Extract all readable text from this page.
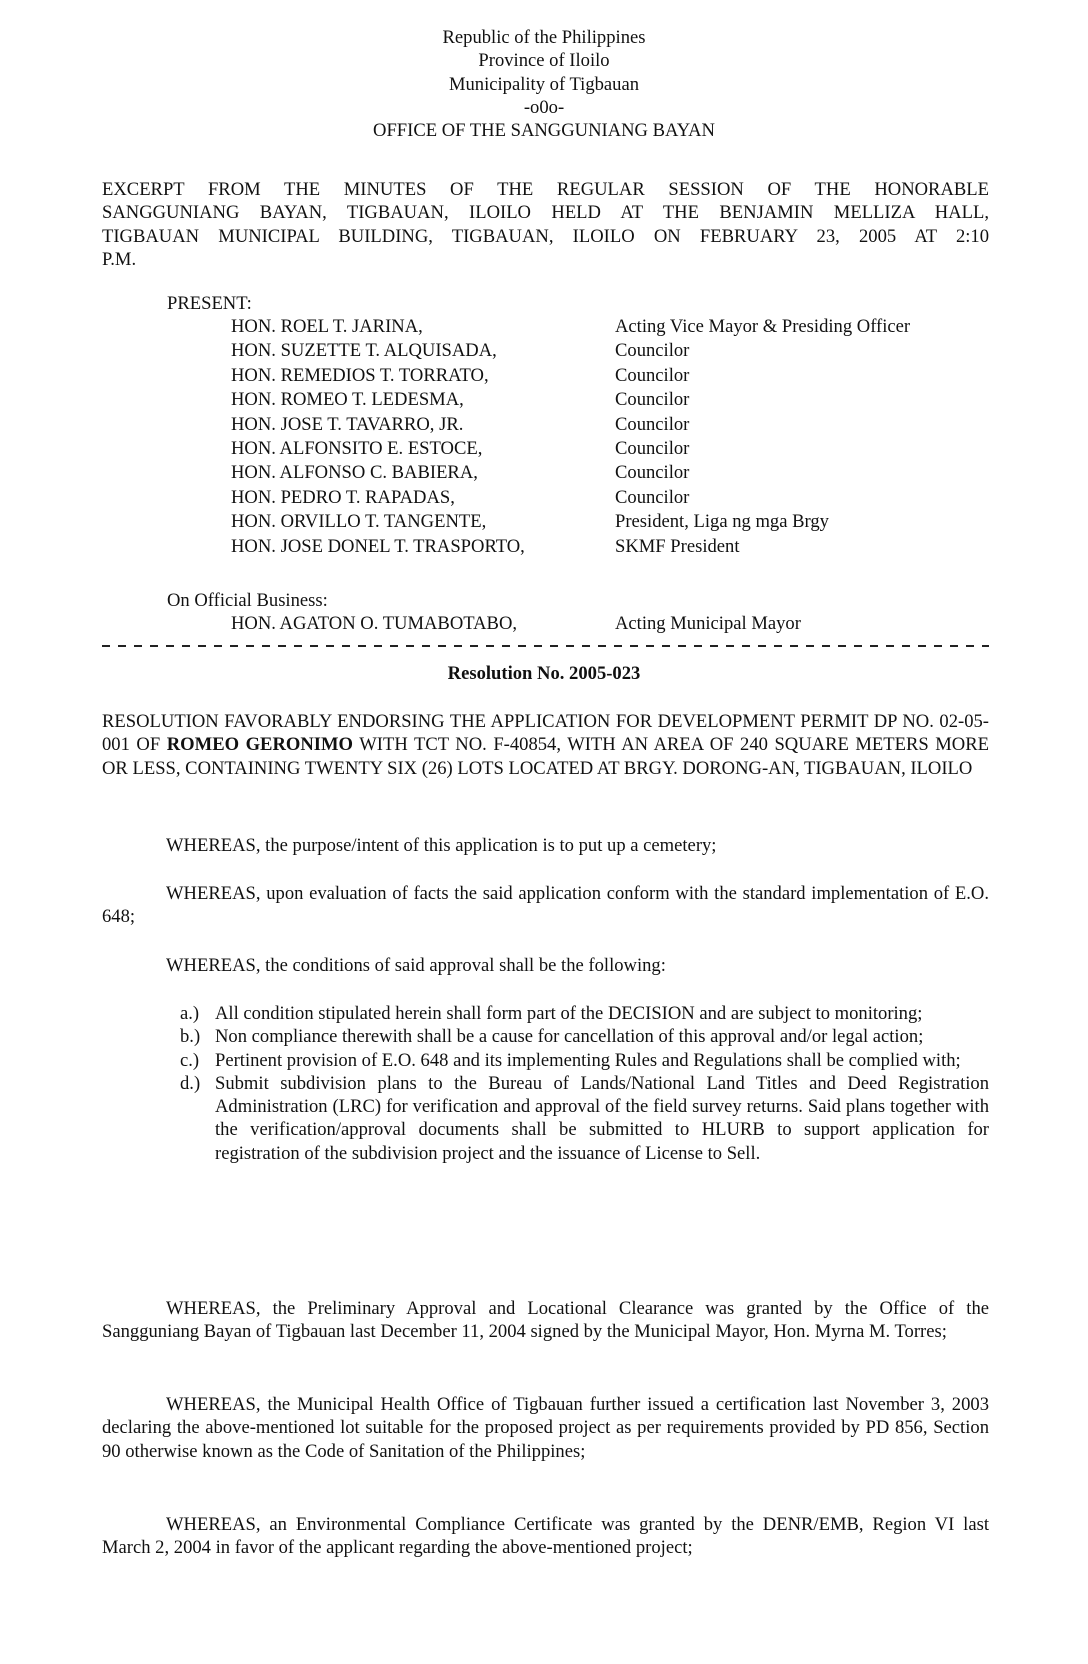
Republic of the Philippines
Province of Iloilo
Municipality of Tigbauan
-o0o-
OFFICE OF THE SANGGUNIANG BAYAN
EXCERPT FROM THE MINUTES OF THE REGULAR SESSION OF THE HONORABLE
SANGGUNIANG BAYAN, TIGBAUAN, ILOILO HELD AT THE BENJAMIN MELLIZA HALL,
TIGBAUAN MUNICIPAL BUILDING, TIGBAUAN, ILOILO ON FEBRUARY 23, 2005 AT 2:10
P.M.
PRESENT:
HON. ROEL T. JARINA,	Acting Vice Mayor & Presiding Officer
HON. SUZETTE T. ALQUISADA,	Councilor
HON. REMEDIOS T. TORRATO,	Councilor
HON. ROMEO T. LEDESMA,	Councilor
HON. JOSE T. TAVARRO, JR.	Councilor
HON. ALFONSITO E. ESTOCE,	Councilor
HON. ALFONSO C. BABIERA,	Councilor
HON. PEDRO T. RAPADAS,	Councilor
HON. ORVILLO T. TANGENTE,	President, Liga ng mga Brgy
HON. JOSE DONEL T. TRASPORTO,	SKMF President
On Official Business:
HON. AGATON O. TUMABOTABO,	Acting Municipal Mayor
Resolution No. 2005-023
RESOLUTION FAVORABLY ENDORSING THE APPLICATION FOR DEVELOPMENT PERMIT DP NO. 02-05-001 OF ROMEO GERONIMO WITH TCT NO. F-40854, WITH AN AREA OF 240 SQUARE METERS MORE OR LESS, CONTAINING TWENTY SIX (26) LOTS LOCATED AT BRGY. DORONG-AN, TIGBAUAN, ILOILO
WHEREAS, the purpose/intent of this application is to put up a cemetery;
WHEREAS, upon evaluation of facts the said application conform with the standard implementation of E.O. 648;
WHEREAS, the conditions of said approval shall be the following:
a.) All condition stipulated herein shall form part of the DECISION and are subject to monitoring;
b.) Non compliance therewith shall be a cause for cancellation of this approval and/or legal action;
c.) Pertinent provision of E.O. 648 and its implementing Rules and Regulations shall be complied with;
d.) Submit subdivision plans to the Bureau of Lands/National Land Titles and Deed Registration Administration (LRC) for verification and approval of the field survey returns. Said plans together with the verification/approval documents shall be submitted to HLURB to support application for registration of the subdivision project and the issuance of License to Sell.
WHEREAS, the Preliminary Approval and Locational Clearance was granted by the Office of the Sangguniang Bayan of Tigbauan last December 11, 2004 signed by the Municipal Mayor, Hon. Myrna M. Torres;
WHEREAS, the Municipal Health Office of Tigbauan further issued a certification last November 3, 2003 declaring the above-mentioned lot suitable for the proposed project as per requirements provided by PD 856, Section 90 otherwise known as the Code of Sanitation of the Philippines;
WHEREAS, an Environmental Compliance Certificate was granted by the DENR/EMB, Region VI last March 2, 2004 in favor of the applicant regarding the above-mentioned project;
